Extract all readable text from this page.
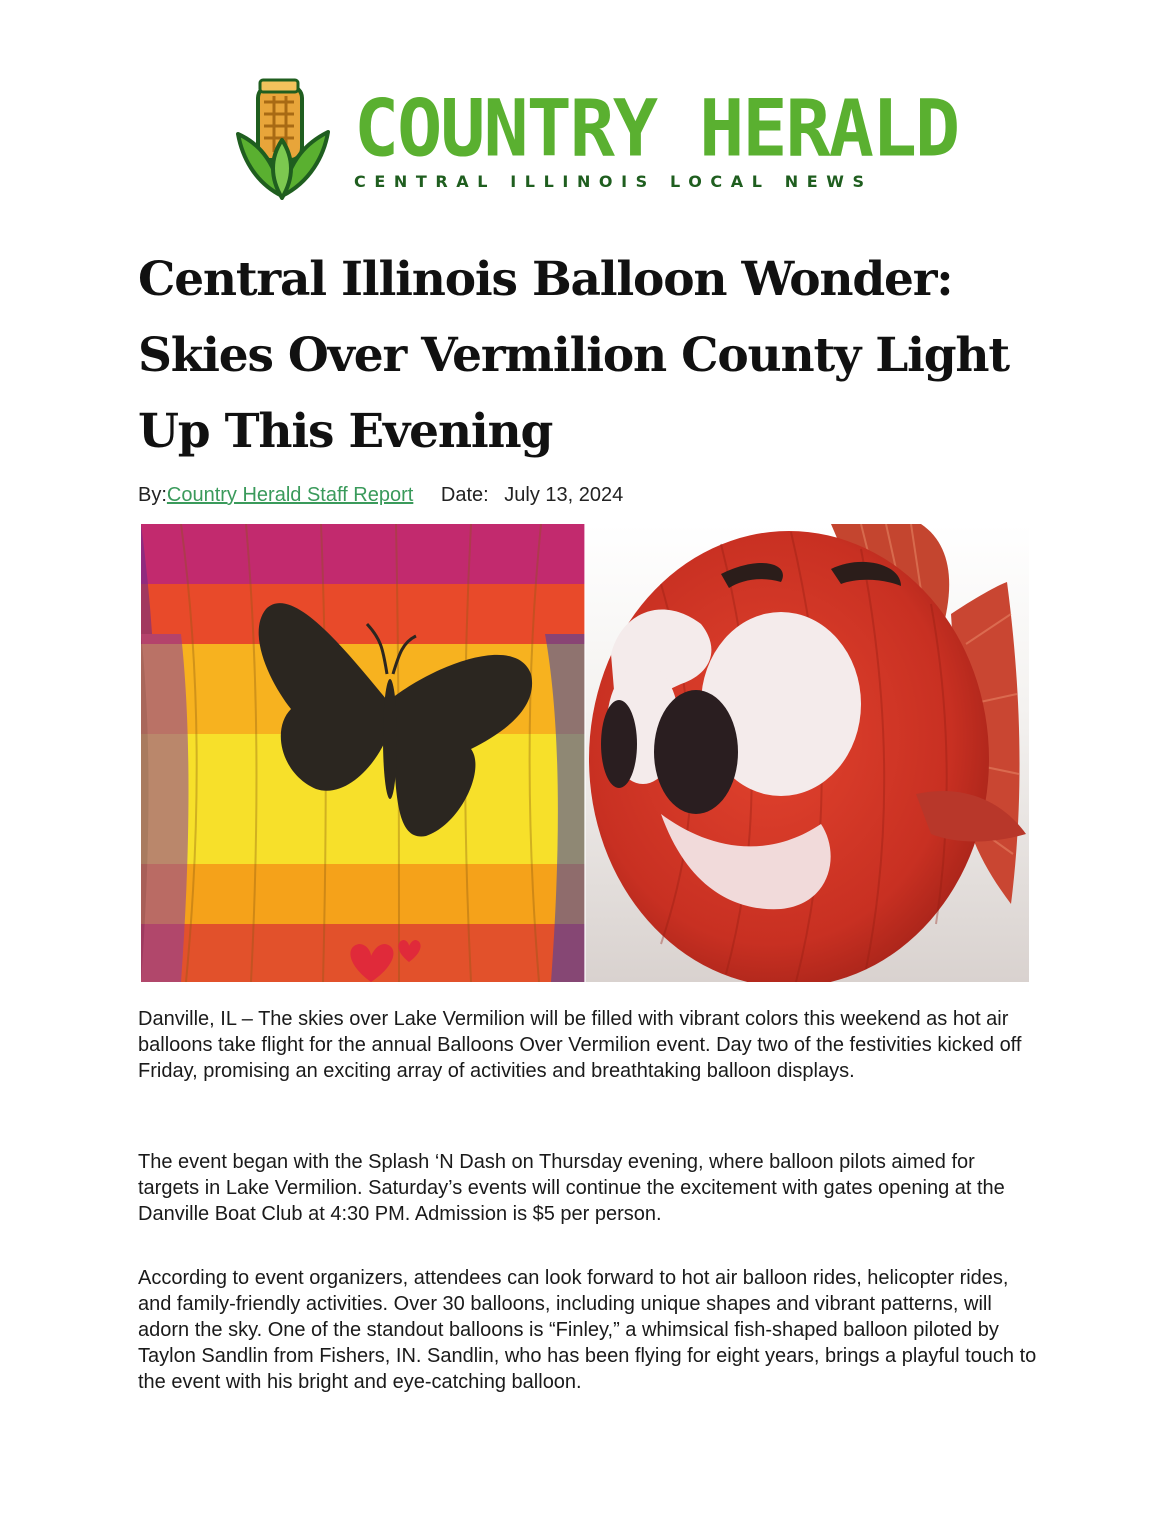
COUNTRY HERALD
CENTRAL ILLINOIS LOCAL NEWS
Central Illinois Balloon Wonder: Skies Over Vermilion County Light Up This Evening
By:Country Herald Staff Report Date: July 13, 2024

Danville, IL – The skies over Lake Vermilion will be filled with vibrant colors this weekend as hot air balloons take flight for the annual Balloons Over Vermilion event. Day two of the festivities kicked off Friday, promising an exciting array of activities and breathtaking balloon displays.

The event began with the Splash ‘N Dash on Thursday evening, where balloon pilots aimed for targets in Lake Vermilion. Saturday’s events will continue the excitement with gates opening at the Danville Boat Club at 4:30 PM. Admission is $5 per person.

According to event organizers, attendees can look forward to hot air balloon rides, helicopter rides, and family-friendly activities. Over 30 balloons, including unique shapes and vibrant patterns, will adorn the sky. One of the standout balloons is “Finley,” a whimsical fish-shaped balloon piloted by Taylon Sandlin from Fishers, IN. Sandlin, who has been flying for eight years, brings a playful touch to the event with his bright and eye-catching balloon.
